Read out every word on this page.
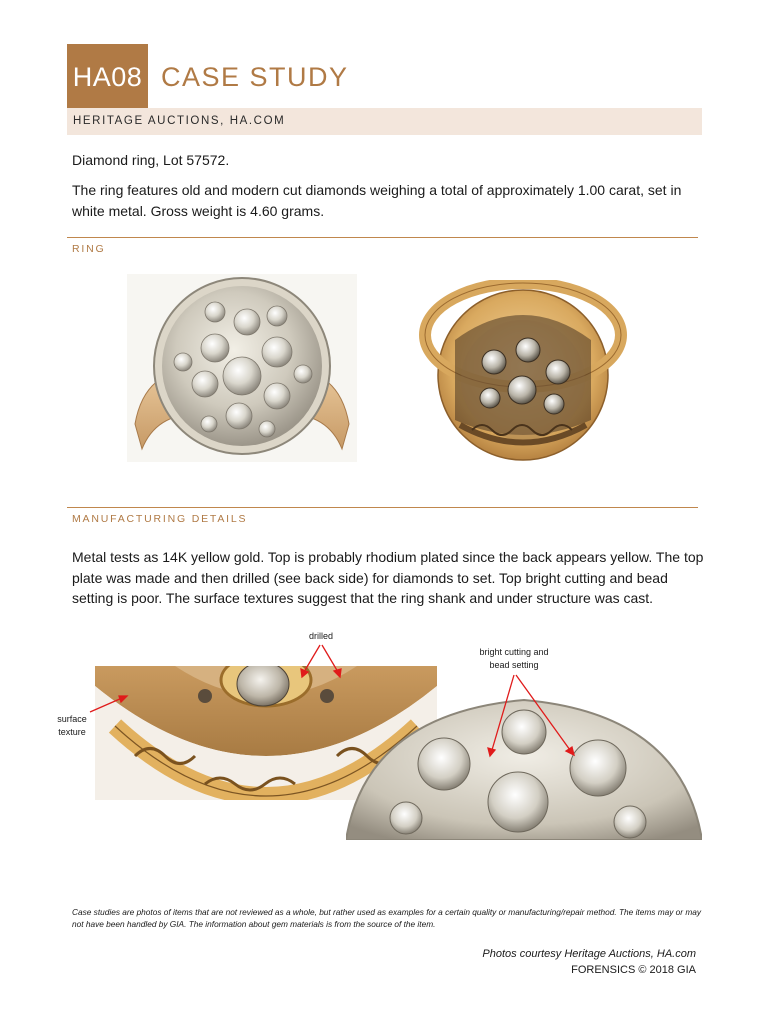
HA08 CASE STUDY
HERITAGE AUCTIONS, HA.COM
Diamond ring, Lot 57572.
The ring features old and modern cut diamonds weighing a total of approximately 1.00 carat, set in white metal. Gross weight is 4.60 grams.
RING
MANUFACTURING DETAILS
Metal tests as 14K yellow gold. Top is probably rhodium plated since the back appears yellow. The top plate was made and then drilled (see back side) for diamonds to set. Top bright cutting and bead setting is poor. The surface textures suggest that the ring shank and under structure was cast.
drilled
bright cutting and bead setting
surface texture
Case studies are photos of items that are not reviewed as a whole, but rather used as examples for a certain quality or manufacturing/repair method. The items may or may not have been handled by GIA. The information about gem materials is from the source of the item.
Photos courtesy Heritage Auctions, HA.com
FORENSICS © 2018 GIA
